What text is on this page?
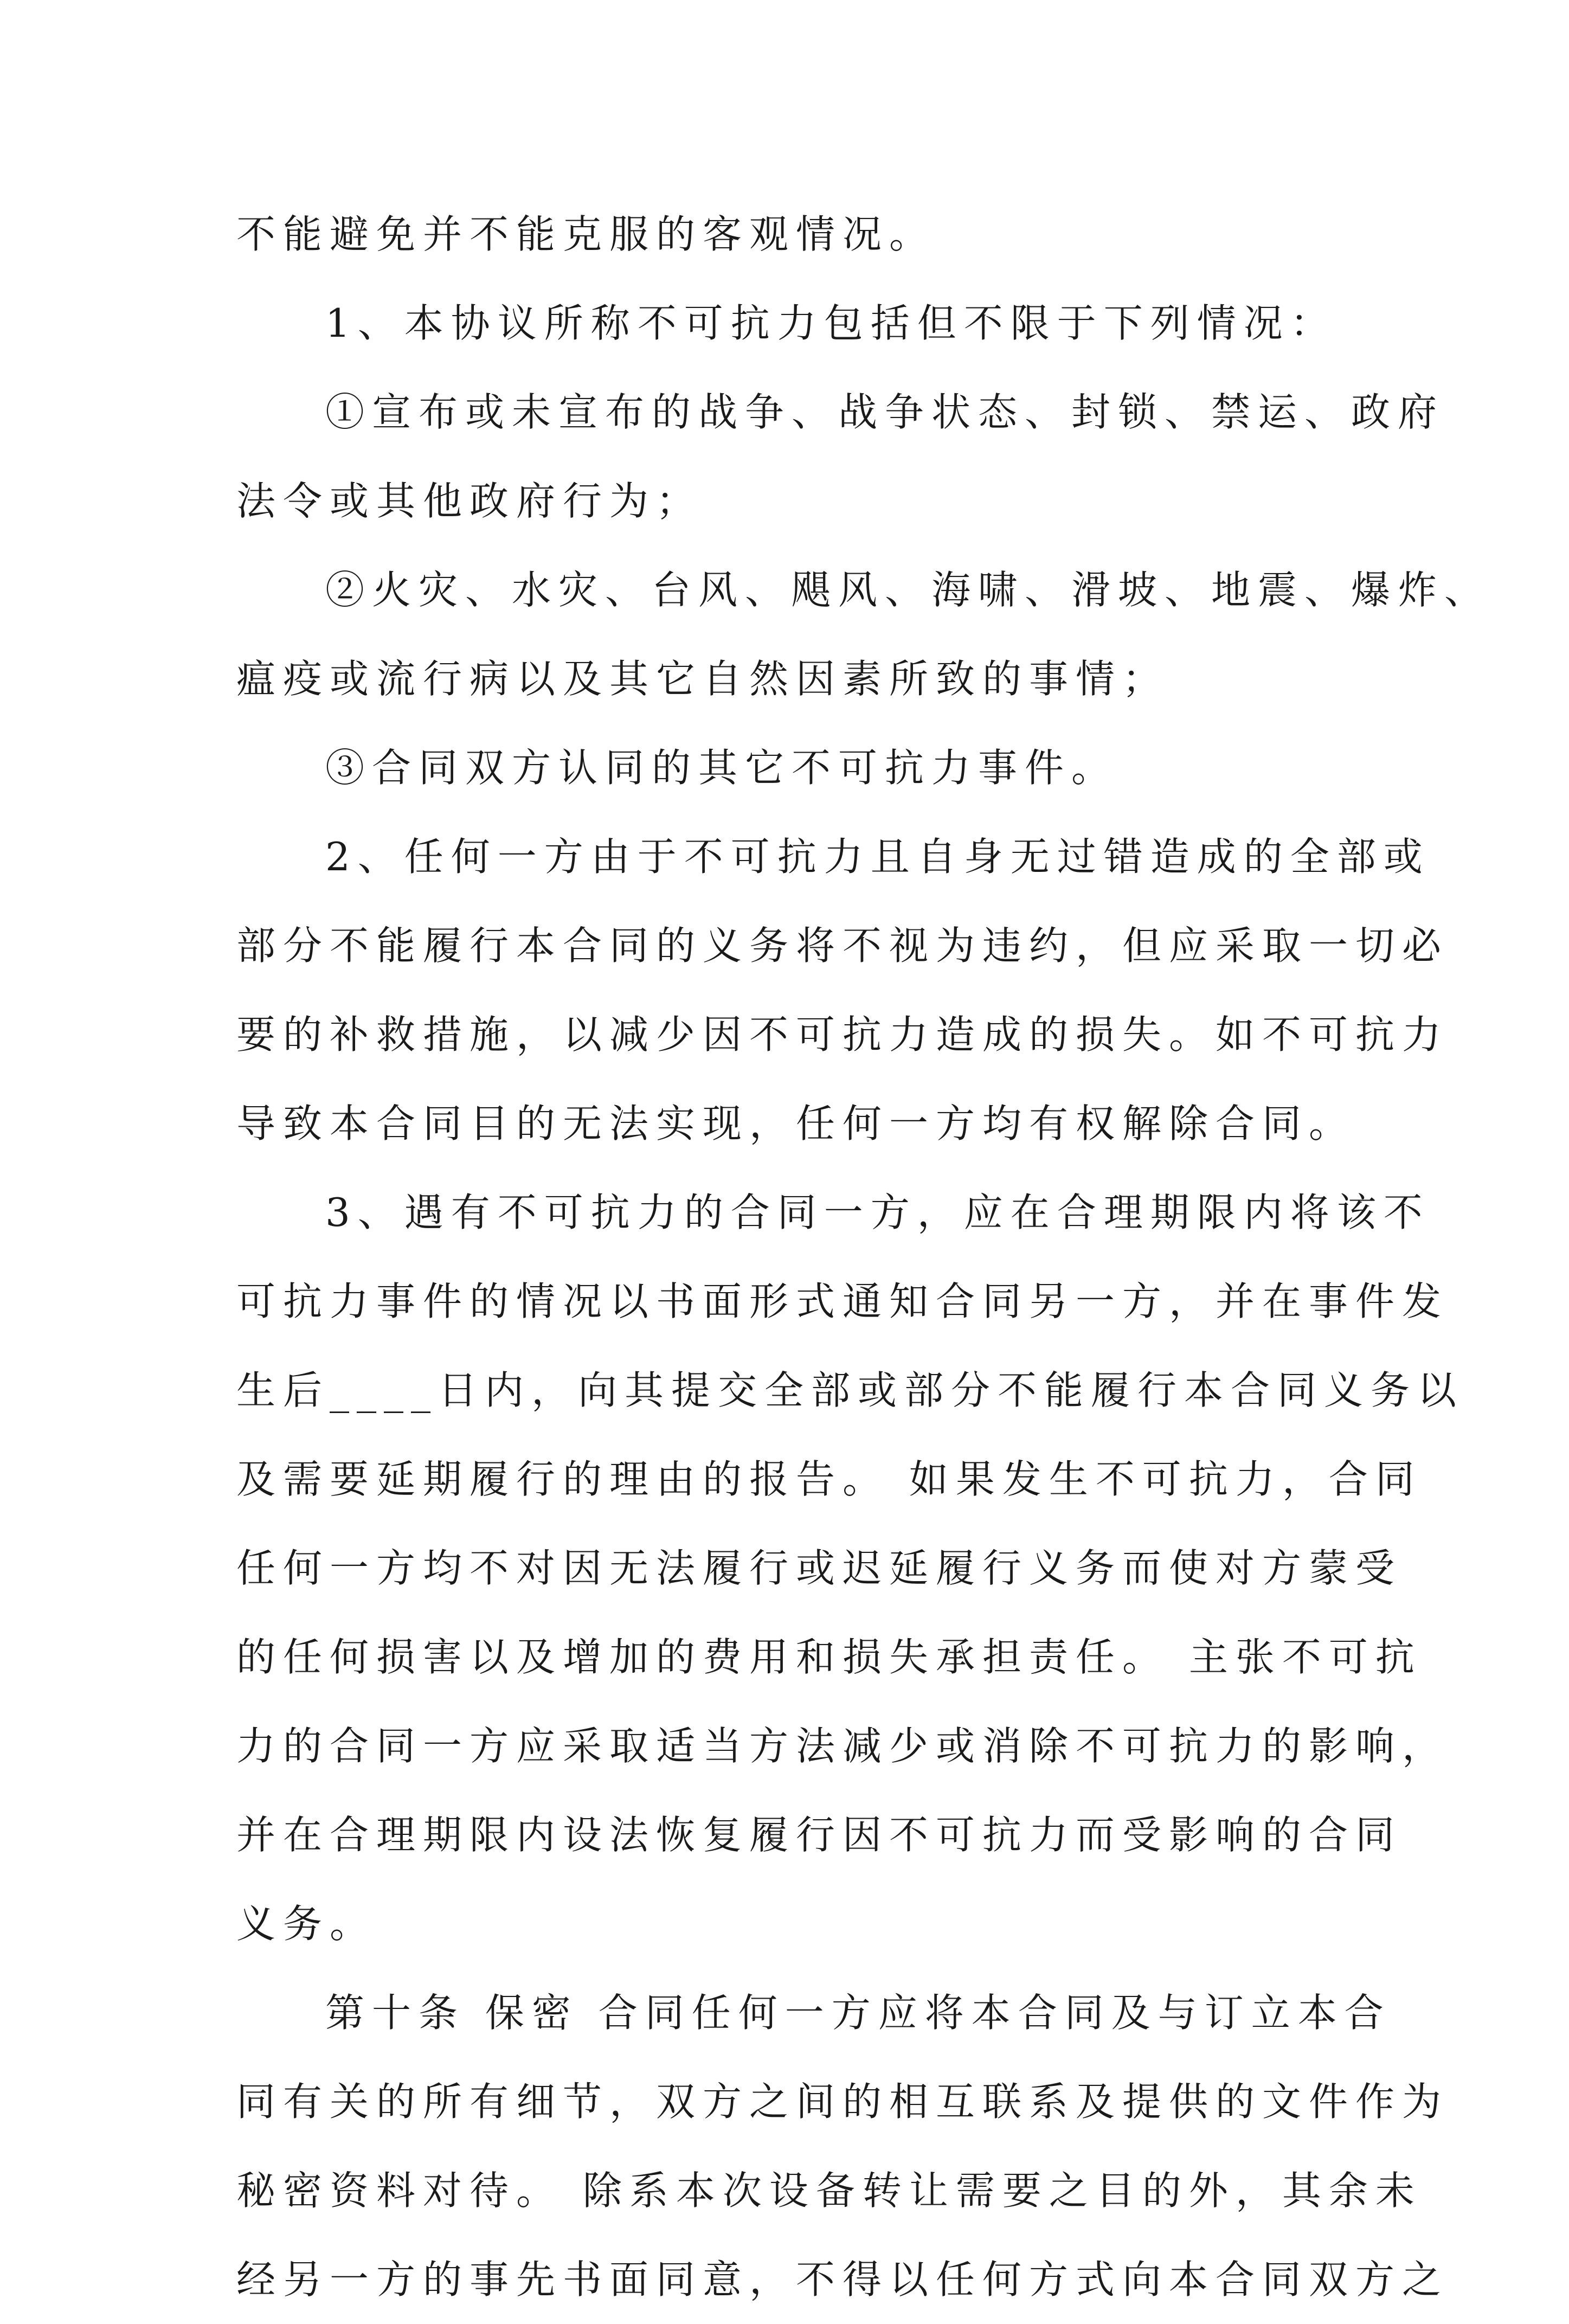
不能避免并不能克服的客观情况。
1、本协议所称不可抗力包括但不限于下列情况：
①宣布或未宣布的战争、战争状态、封锁、禁运、政府
法令或其他政府行为；
②火灾、水灾、台风、飓风、海啸、滑坡、地震、爆炸、
瘟疫或流行病以及其它自然因素所致的事情；
③合同双方认同的其它不可抗力事件。
2、任何一方由于不可抗力且自身无过错造成的全部或
部分不能履行本合同的义务将不视为违约，但应采取一切必
要的补救措施，以减少因不可抗力造成的损失。如不可抗力
导致本合同目的无法实现，任何一方均有权解除合同。
3、遇有不可抗力的合同一方，应在合理期限内将该不
可抗力事件的情况以书面形式通知合同另一方，并在事件发
生后____日内，向其提交全部或部分不能履行本合同义务以
及需要延期履行的理由的报告。 如果发生不可抗力，合同
任何一方均不对因无法履行或迟延履行义务而使对方蒙受
的任何损害以及增加的费用和损失承担责任。 主张不可抗
力的合同一方应采取适当方法减少或消除不可抗力的影响，
并在合理期限内设法恢复履行因不可抗力而受影响的合同
义务。
第十条 保密 合同任何一方应将本合同及与订立本合
同有关的所有细节，双方之间的相互联系及提供的文件作为
秘密资料对待。 除系本次设备转让需要之目的外，其余未
经另一方的事先书面同意，不得以任何方式向本合同双方之
